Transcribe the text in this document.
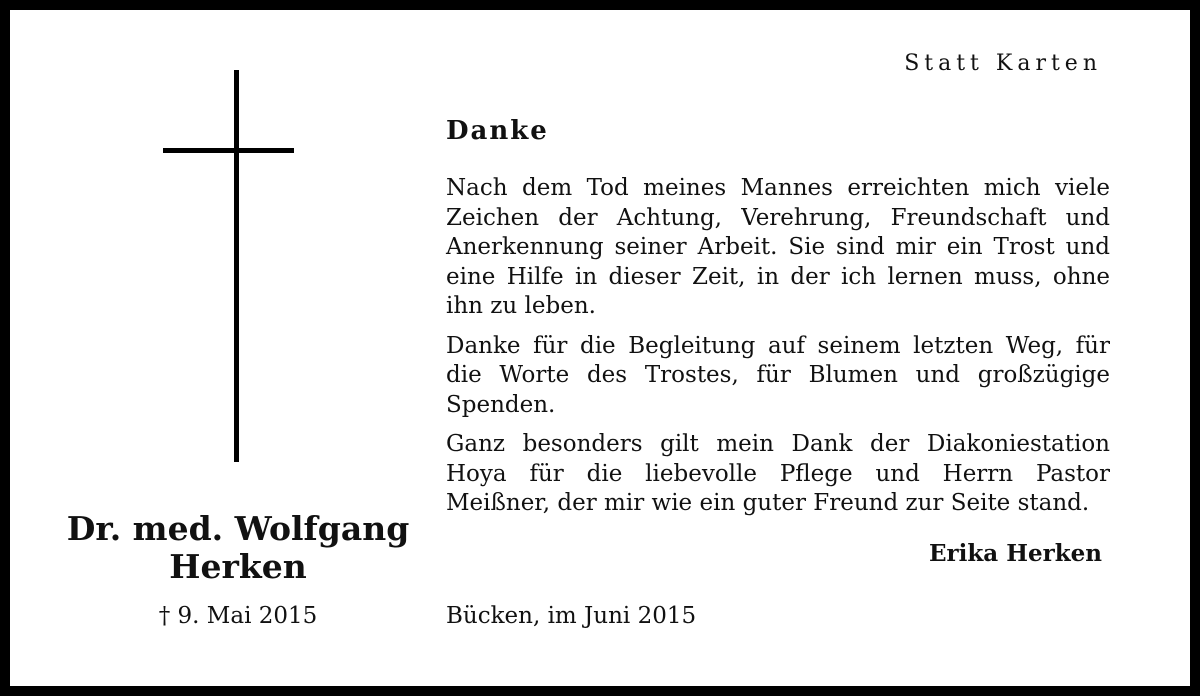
Dr. med. Wolfgang
Herken
† 9. Mai 2015
Statt Karten
Danke

Nach dem Tod meines Mannes erreichten mich viele Zeichen der Achtung, Verehrung, Freundschaft und Anerkennung seiner Arbeit. Sie sind mir ein Trost und eine Hilfe in dieser Zeit, in der ich lernen muss, ohne ihn zu leben.

Danke für die Begleitung auf seinem letzten Weg, für die Worte des Trostes, für Blumen und großzügige Spenden.

Ganz besonders gilt mein Dank der Diakoniestation Hoya für die liebevolle Pflege und Herrn Pastor Meißner, der mir wie ein guter Freund zur Seite stand.

Erika Herken
Bücken, im Juni 2015
